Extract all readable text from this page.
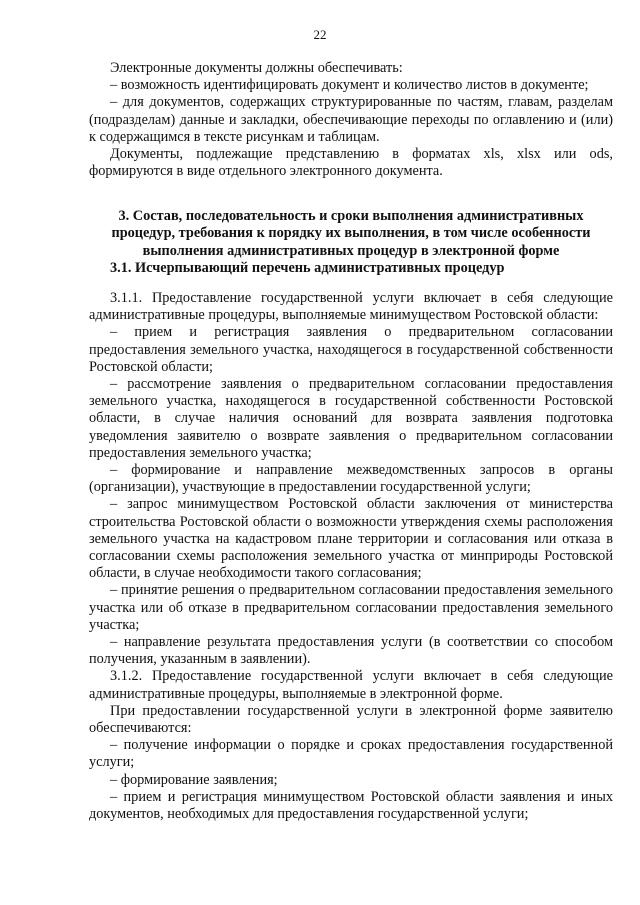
22

Электронные документы должны обеспечивать:

– возможность идентифицировать документ и количество листов в документе;

– для документов, содержащих структурированные по частям, главам, разделам (подразделам) данные и закладки, обеспечивающие переходы по оглавлению и (или) к содержащимся в тексте рисункам и таблицам.

Документы, подлежащие представлению в форматах xls, xlsx или ods, формируются в виде отдельного электронного документа.

3. Состав, последовательность и сроки выполнения административных процедур, требования к порядку их выполнения, в том числе особенности выполнения административных процедур в электронной форме

3.1. Исчерпывающий перечень административных процедур

3.1.1. Предоставление государственной услуги включает в себя следующие административные процедуры, выполняемые минимуществом Ростовской области:

– прием и регистрация заявления о предварительном согласовании предоставления земельного участка, находящегося в государственной собственности Ростовской области;

– рассмотрение заявления о предварительном согласовании предоставления земельного участка, находящегося в государственной собственности Ростовской области, в случае наличия оснований для возврата заявления подготовка уведомления заявителю о возврате заявления о предварительном согласовании предоставления земельного участка;

– формирование и направление межведомственных запросов в органы (организации), участвующие в предоставлении государственной услуги;

– запрос минимуществом Ростовской области заключения от министерства строительства Ростовской области о возможности утверждения схемы расположения земельного участка на кадастровом плане территории и согласования или отказа в согласовании схемы расположения земельного участка от минприроды Ростовской области, в случае необходимости такого согласования;

– принятие решения о предварительном согласовании предоставления земельного участка или об отказе в предварительном согласовании предоставления земельного участка;

– направление результата предоставления услуги (в соответствии со способом получения, указанным в заявлении).

3.1.2. Предоставление государственной услуги включает в себя следующие административные процедуры, выполняемые в электронной форме.

При предоставлении государственной услуги в электронной форме заявителю обеспечиваются:

– получение информации о порядке и сроках предоставления государственной услуги;

– формирование заявления;

– прием и регистрация минимуществом Ростовской области заявления и иных документов, необходимых для предоставления государственной услуги;
